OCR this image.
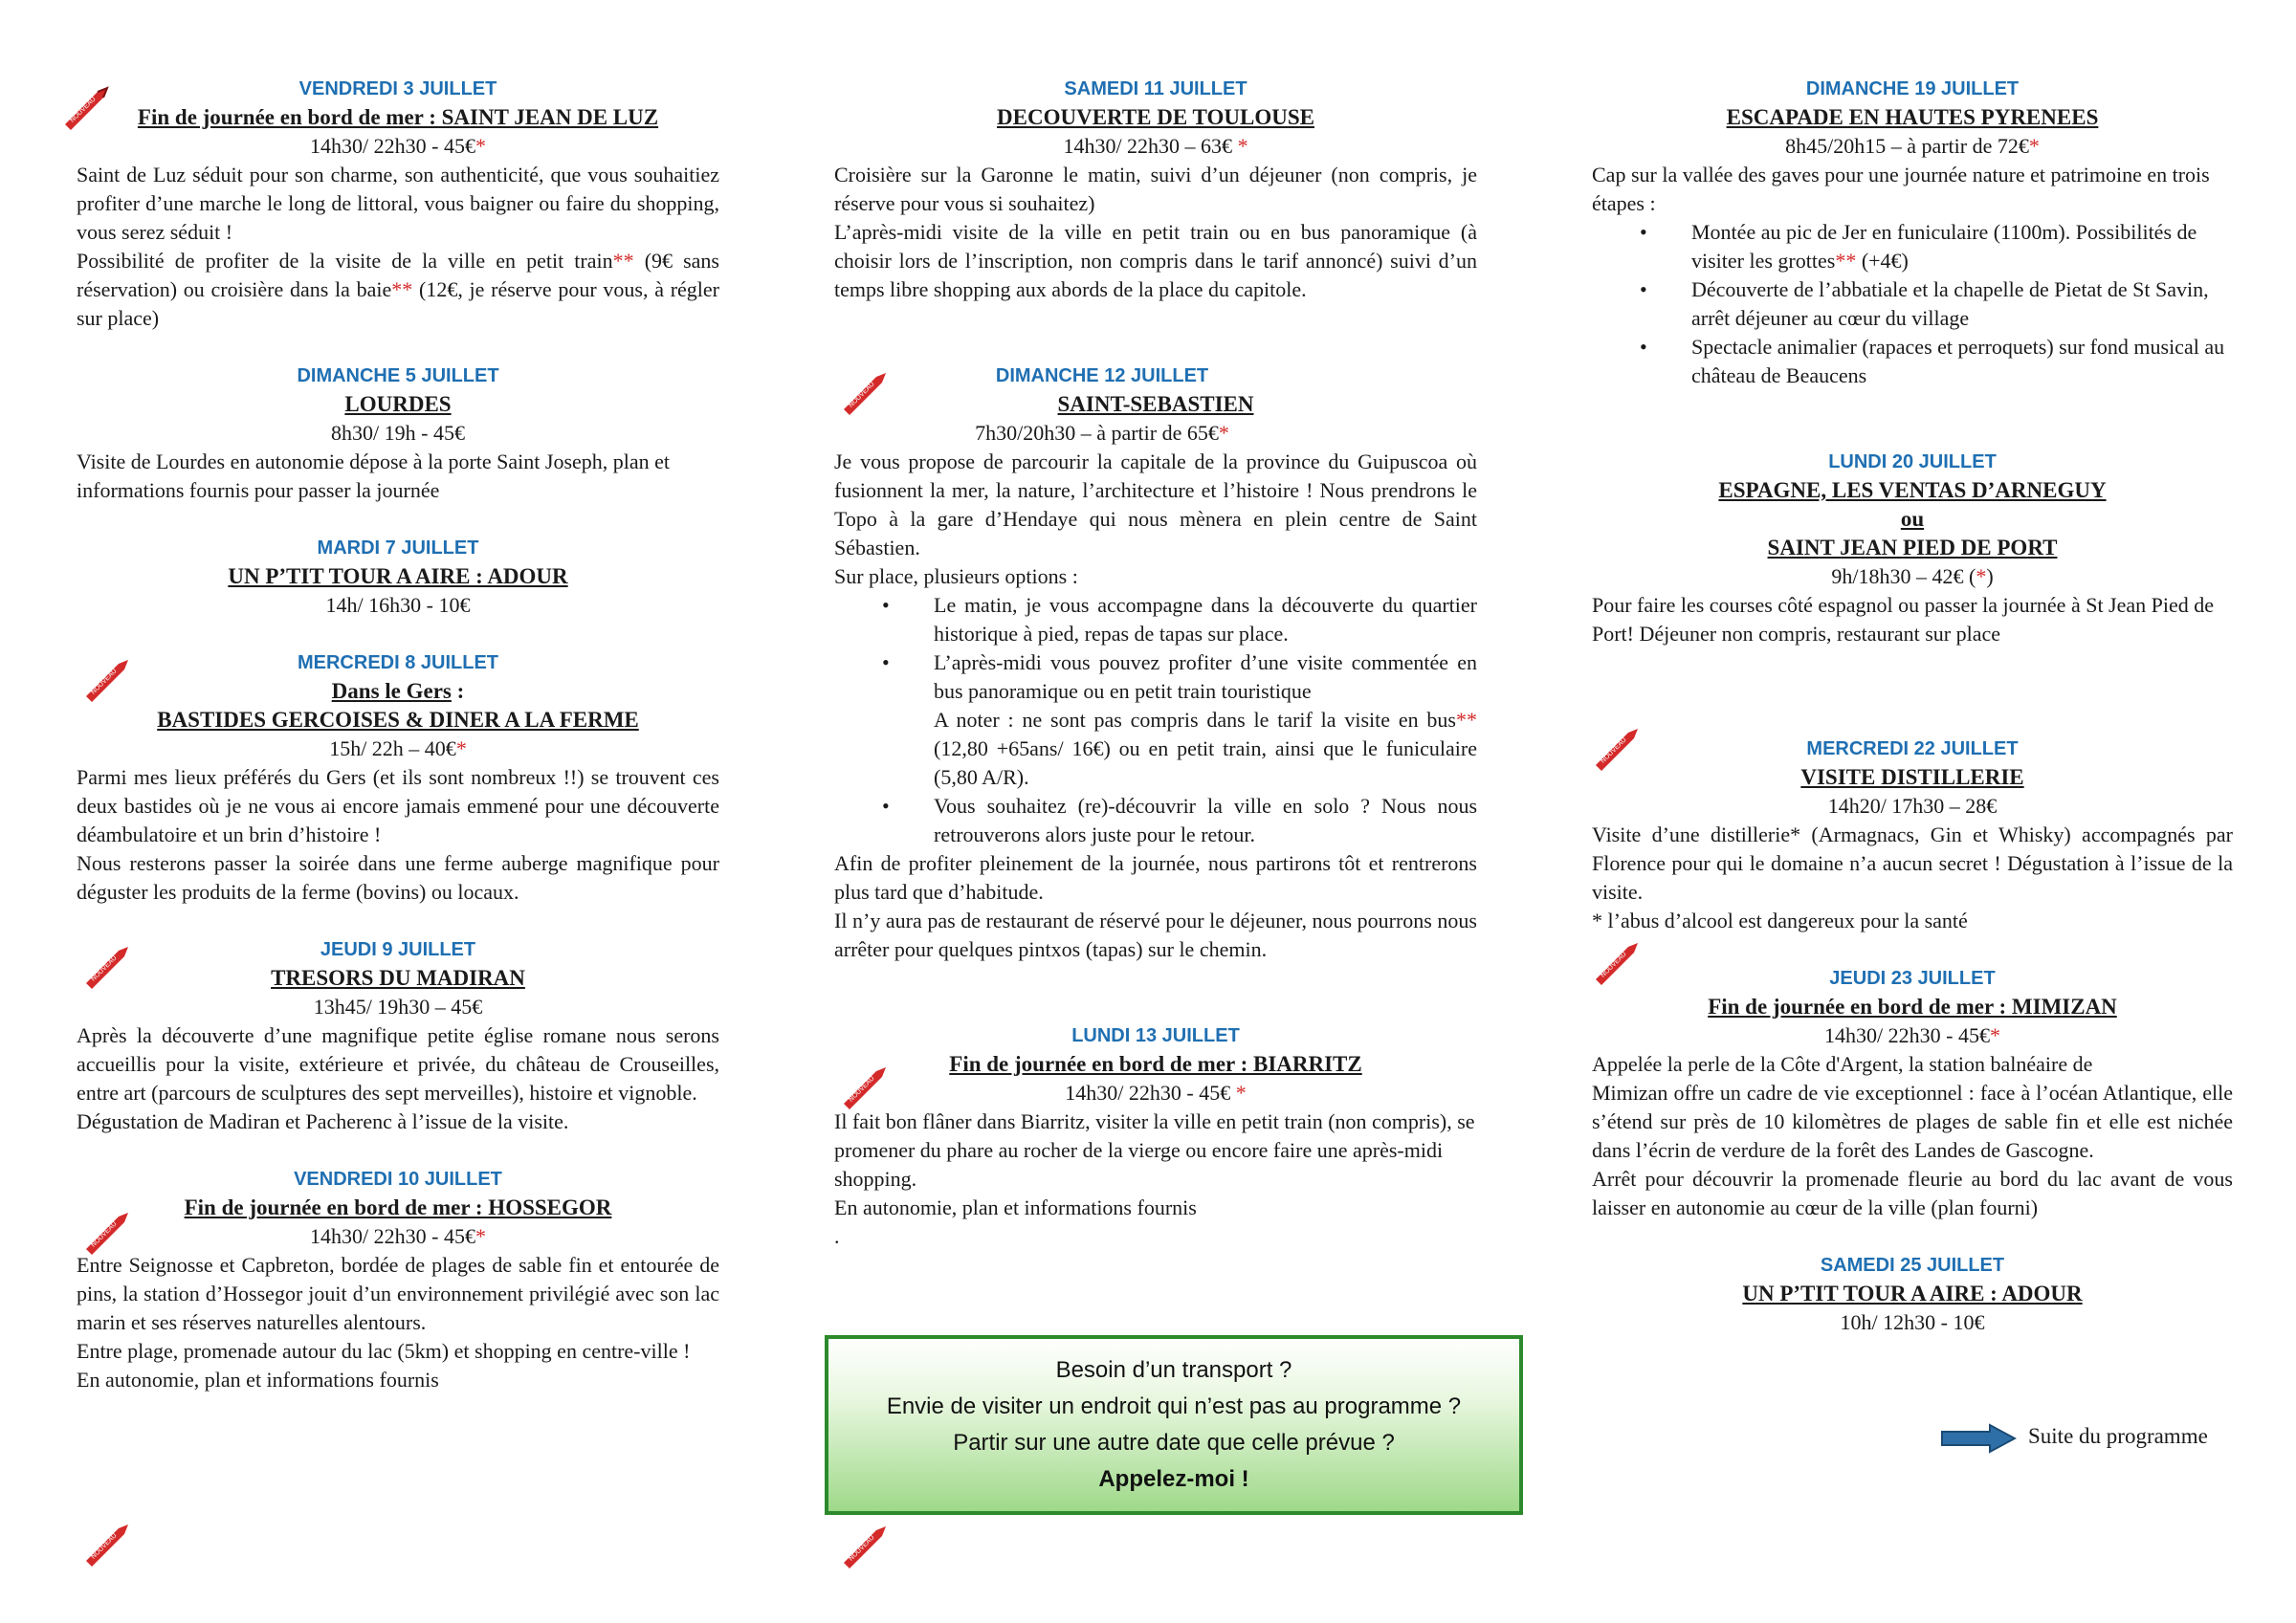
NOUVEAU
NOUVEAU
NOUVEAU
NOUVEAU
NOUVEAU
NOUVEAU
NOUVEAU
NOUVEAU
NOUVEAU
NOUVEAU
VENDREDI 3 JUILLET
Fin de journée en bord de mer : SAINT JEAN DE LUZ
14h30/ 22h30 - 45€*

Saint de Luz séduit pour son charme, son authenticité, que vous souhaitiez profiter d’une marche le long de littoral, vous baigner ou faire du shopping, vous serez séduit !

Possibilité de profiter de la visite de la ville en petit train** (9€ sans réservation) ou croisière dans la baie** (12€, je réserve pour vous, à régler sur place)

DIMANCHE 5 JUILLET
LOURDES
8h30/ 19h - 45€

Visite de Lourdes en autonomie dépose à la porte Saint Joseph, plan et informations fournis pour passer la journée

MARDI 7 JUILLET
UN P’TIT TOUR A AIRE : ADOUR
14h/ 16h30 - 10€
MERCREDI 8 JUILLET
Dans le Gers :
BASTIDES GERCOISES & DINER A LA FERME
15h/ 22h – 40€*

Parmi mes lieux préférés du Gers (et ils sont nombreux !!) se trouvent ces deux bastides où je ne vous ai encore jamais emmené pour une découverte déambulatoire et un brin d’histoire !

Nous resterons passer la soirée dans une ferme auberge magnifique pour déguster les produits de la ferme (bovins) ou locaux.

JEUDI 9 JUILLET
TRESORS DU MADIRAN
13h45/ 19h30 – 45€

Après la découverte d’une magnifique petite église romane nous serons accueillis pour la visite, extérieure et privée, du château de Crouseilles, entre art (parcours de sculptures des sept merveilles), histoire et vignoble.

Dégustation de Madiran et Pacherenc à l’issue de la visite.

VENDREDI 10 JUILLET
Fin de journée en bord de mer : HOSSEGOR
14h30/ 22h30 - 45€*

Entre Seignosse et Capbreton, bordée de plages de sable fin et entourée de pins, la station d’Hossegor jouit d’un environnement privilégié avec son lac marin et ses réserves naturelles alentours.

Entre plage, promenade autour du lac (5km) et shopping en centre-ville !

En autonomie, plan et informations fournis

SAMEDI 11 JUILLET
DECOUVERTE DE TOULOUSE
14h30/ 22h30 – 63€ *

Croisière sur la Garonne le matin, suivi d’un déjeuner (non compris, je réserve pour vous si souhaitez)

L’après-midi visite de la ville en petit train ou en bus panoramique (à choisir lors de l’inscription, non compris dans le tarif annoncé) suivi d’un temps libre shopping aux abords de la place du capitole.

DIMANCHE 12 JUILLET
SAINT-SEBASTIEN
7h30/20h30 – à partir de 65€*

Je vous propose de parcourir la capitale de la province du Guipuscoa où fusionnent la mer, la nature, l’architecture et l’histoire ! Nous prendrons le Topo à la gare d’Hendaye qui nous mènera en plein centre de Saint Sébastien.

Sur place, plusieurs options :

• Le matin, je vous accompagne dans la découverte du quartier historique à pied, repas de tapas sur place.
• L’après-midi vous pouvez profiter d’une visite commentée en bus panoramique ou en petit train touristique
A noter : ne sont pas compris dans le tarif la visite en bus** (12,80 +65ans/ 16€) ou en petit train, ainsi que le funiculaire (5,80 A/R).
• Vous souhaitez (re)-découvrir la ville en solo ? Nous nous retrouverons alors juste pour le retour.

Afin de profiter pleinement de la journée, nous partirons tôt et rentrerons plus tard que d’habitude.

Il n’y aura pas de restaurant de réservé pour le déjeuner, nous pourrons nous arrêter pour quelques pintxos (tapas) sur le chemin.

LUNDI 13 JUILLET
Fin de journée en bord de mer : BIARRITZ
14h30/ 22h30 - 45€ *

Il fait bon flâner dans Biarritz, visiter la ville en petit train (non compris), se promener du phare au rocher de la vierge ou encore faire une après-midi shopping.

En autonomie, plan et informations fournis

.

Besoin d’un transport ?
Envie de visiter un endroit qui n’est pas au programme ?
Partir sur une autre date que celle prévue ?
Appelez-moi !
DIMANCHE 19 JUILLET
ESCAPADE EN HAUTES PYRENEES
8h45/20h15 – à partir de 72€*

Cap sur la vallée des gaves pour une journée nature et patrimoine en trois étapes :

• Montée au pic de Jer en funiculaire (1100m). Possibilités de visiter les grottes** (+4€)
• Découverte de l’abbatiale et la chapelle de Pietat de St Savin, arrêt déjeuner au cœur du village
• Spectacle animalier (rapaces et perroquets) sur fond musical au château de Beaucens
LUNDI 20 JUILLET
ESPAGNE, LES VENTAS D’ARNEGUY
ou
SAINT JEAN PIED DE PORT
9h/18h30 – 42€ (*)

Pour faire les courses côté espagnol ou passer la journée à St Jean Pied de Port! Déjeuner non compris, restaurant sur place

MERCREDI 22 JUILLET
VISITE DISTILLERIE
14h20/ 17h30 – 28€

Visite d’une distillerie* (Armagnacs, Gin et Whisky) accompagnés par Florence pour qui le domaine n’a aucun secret ! Dégustation à l’issue de la visite.

* l’abus d’alcool est dangereux pour la santé

JEUDI 23 JUILLET
Fin de journée en bord de mer : MIMIZAN
14h30/ 22h30 - 45€*

Appelée la perle de la Côte d'Argent, la station balnéaire de

Mimizan offre un cadre de vie exceptionnel : face à l’océan Atlantique, elle s’étend sur près de 10 kilomètres de plages de sable fin et elle est nichée dans l’écrin de verdure de la forêt des Landes de Gascogne.

Arrêt pour découvrir la promenade fleurie au bord du lac avant de vous laisser en autonomie au cœur de la ville (plan fourni)

SAMEDI 25 JUILLET
UN P’TIT TOUR A AIRE : ADOUR
10h/ 12h30 - 10€
Suite du programme
